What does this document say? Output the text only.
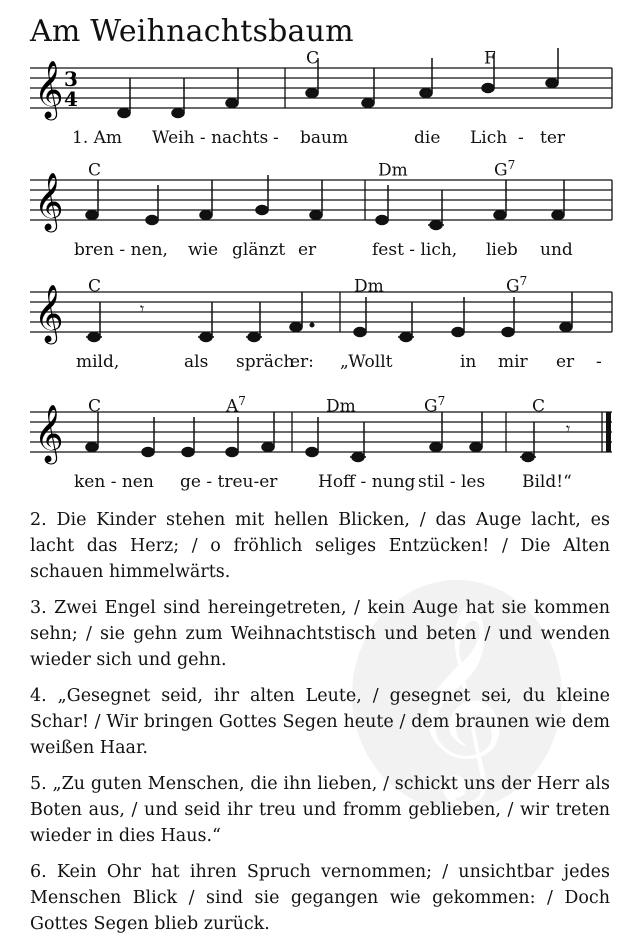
Am Weihnachtsbaum
𝄞 3
4
C	F
1. Am Weih - nachts - baum	die Lich - ter
𝄞
C	Dm	$G^7$
bren - nen, wie glänzt er	fest - lich, lieb und
𝄞	𝄾
C	Dm	$G^7$
mild,	als spräch
er: „Wollt	in mir er -
𝄞	𝄾
C	$A^7$	Dm	$G^7$	C
ken - nen ge - treu-er Hoff - nung stil - les Bild!“
𝄞

2. Die Kinder stehen mit hellen Blicken, / das Auge lacht, es lacht das Herz; / o fröhlich seliges Entzücken! / Die Alten schauen himmelwärts.

3. Zwei Engel sind hereingetreten, / kein Auge hat sie kommen sehn; / sie gehn zum Weihnachtstisch und beten / und wenden wieder sich und gehn.

4. „Gesegnet seid, ihr alten Leute, / gesegnet sei, du kleine Schar! / Wir bringen Gottes Segen heute / dem braunen wie dem weißen Haar.

5. „Zu guten Menschen, die ihn lieben, / schickt uns der Herr als Boten aus, / und seid ihr treu und fromm geblieben, / wir treten wieder in dies Haus.“

6. Kein Ohr hat ihren Spruch vernommen; / unsichtbar jedes Menschen Blick / sind sie gegangen wie gekommen: / Doch Gottes Segen blieb zurück.
